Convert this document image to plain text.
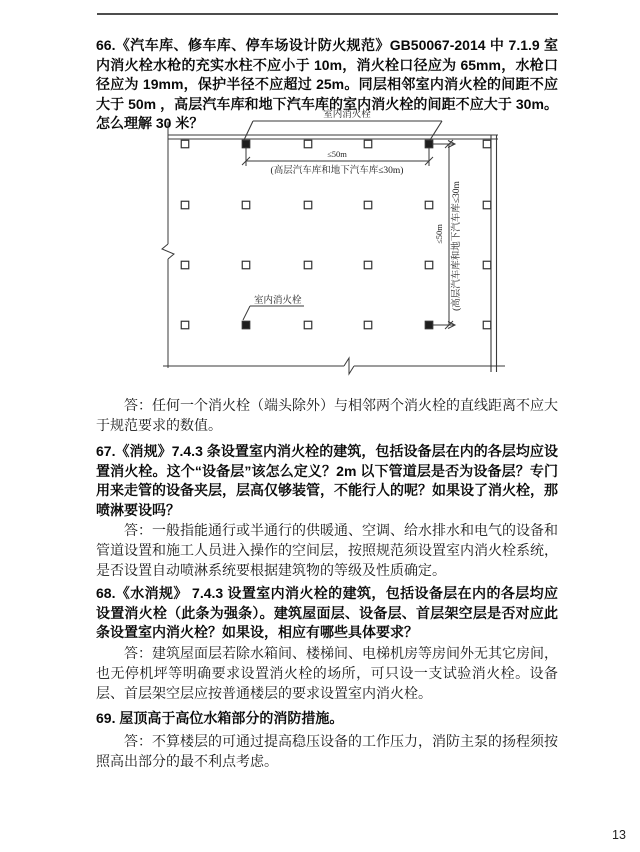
66.《汽车库、修车库、停车场设计防火规范》GB50067-2014 中 7.1.9 室内消火栓水枪的充实水柱不应小于 10m，消火栓口径应为 65mm，水枪口径应为 19mm，保护半径不应超过 25m。同层相邻室内消火栓的间距不应大于 50m ，高层汽车库和地下汽车库的室内消火栓的间距不应大于 30m。怎么理解 30 米？	室内消火栓
≤50m
(高层汽车库和地下汽车库≤30m)
≤50m (高层汽车库和地下汽车库≤30m
室内消火栓

答：任何一个消火栓（端头除外）与相邻两个消火栓的直线距离不应大于规范要求的数值。

67.《消规》7.4.3 条设置室内消火栓的建筑，包括设备层在内的各层均应设置消火栓。这个“设备层”该怎么定义？2m 以下管道层是否为设备层？专门用来走管的设备夹层，层高仅够装管，不能行人的呢？如果设了消火栓，那喷淋要设吗？

答：一般指能通行或半通行的供暖通、空调、给水排水和电气的设备和管道设置和施工人员进入操作的空间层，按照规范须设置室内消火栓系统，是否设置自动喷淋系统要根据建筑物的等级及性质确定。

68.《水消规》 7.4.3 设置室内消火栓的建筑，包括设备层在内的各层均应设置消火栓（此条为强条）。建筑屋面层、设备层、首层架空层是否对应此条设置室内消火栓？如果设，相应有哪些具体要求？

答：建筑屋面层若除水箱间、楼梯间、电梯机房等房间外无其它房间，也无停机坪等明确要求设置消火栓的场所，可只设一支试验消火栓。设备层、首层架空层应按普通楼层的要求设置室内消火栓。

69. 屋顶高于高位水箱部分的消防措施。

答：不算楼层的可通过提高稳压设备的工作压力，消防主泵的扬程须按照高出部分的最不利点考虑。

13
